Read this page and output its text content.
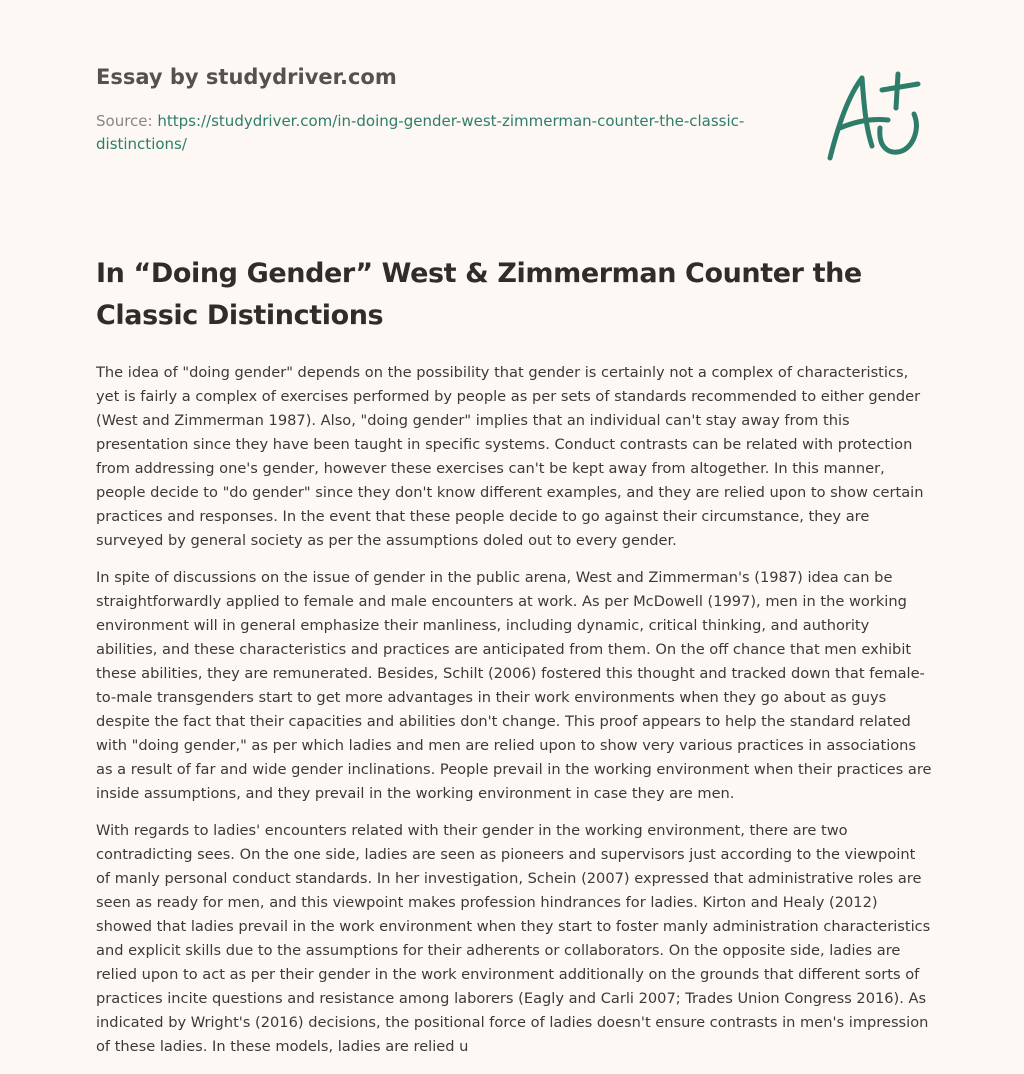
Essay by studydriver.com
Source: https://studydriver.com/in-doing-gender-west-zimmerman-counter-the-classic-distinctions/
In “Doing Gender” West & Zimmerman Counter the Classic Distinctions

The idea of "doing gender" depends on the possibility that gender is certainly not a complex of characteristics, yet is fairly a complex of exercises performed by people as per sets of standards recommended to either gender (West and Zimmerman 1987). Also, "doing gender" implies that an individual can't stay away from this presentation since they have been taught in specific systems. Conduct contrasts can be related with protection from addressing one's gender, however these exercises can't be kept away from altogether. In this manner, people decide to "do gender" since they don't know different examples, and they are relied upon to show certain practices and responses. In the event that these people decide to go against their circumstance, they are surveyed by general society as per the assumptions doled out to every gender.

In spite of discussions on the issue of gender in the public arena, West and Zimmerman's (1987) idea can be straightforwardly applied to female and male encounters at work. As per McDowell (1997), men in the working environment will in general emphasize their manliness, including dynamic, critical thinking, and authority abilities, and these characteristics and practices are anticipated from them. On the off chance that men exhibit these abilities, they are remunerated. Besides, Schilt (2006) fostered this thought and tracked down that female-to-male transgenders start to get more advantages in their work environments when they go about as guys despite the fact that their capacities and abilities don't change. This proof appears to help the standard related with "doing gender," as per which ladies and men are relied upon to show very various practices in associations as a result of far and wide gender inclinations. People prevail in the working environment when their practices are inside assumptions, and they prevail in the working environment in case they are men.

With regards to ladies' encounters related with their gender in the working environment, there are two contradicting sees. On the one side, ladies are seen as pioneers and supervisors just according to the viewpoint of manly personal conduct standards. In her investigation, Schein (2007) expressed that administrative roles are seen as ready for men, and this viewpoint makes profession hindrances for ladies. Kirton and Healy (2012) showed that ladies prevail in the work environment when they start to foster manly administration characteristics and explicit skills due to the assumptions for their adherents or collaborators. On the opposite side, ladies are relied upon to act as per their gender in the work environment additionally on the grounds that different sorts of practices incite questions and resistance among laborers (Eagly and Carli 2007; Trades Union Congress 2016). As indicated by Wright's (2016) decisions, the positional force of ladies doesn't ensure contrasts in men's impression of these ladies. In these models, ladies are relied u
